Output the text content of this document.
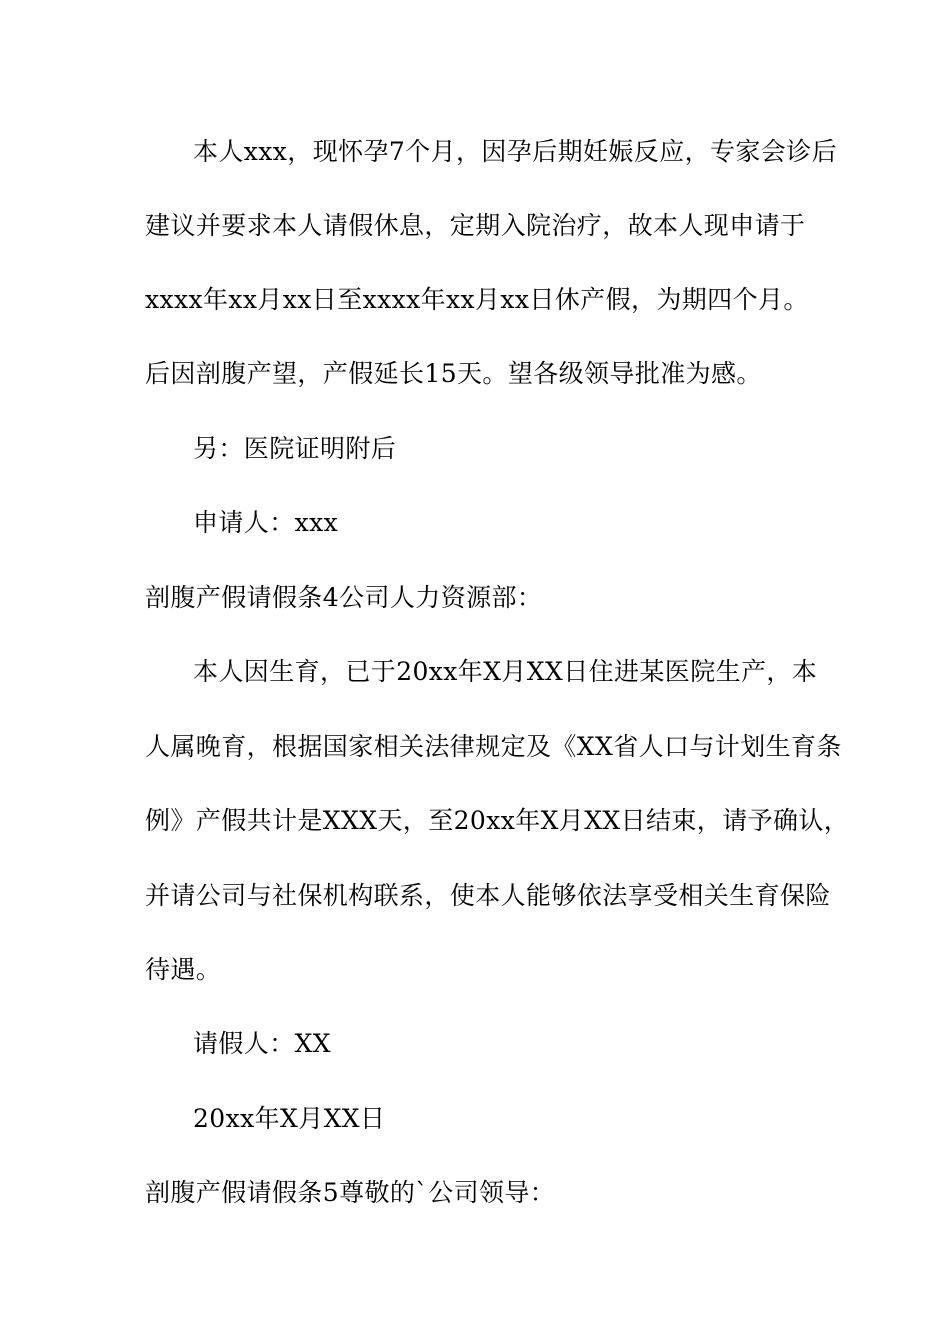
本人xxx，现怀孕7个月，因孕后期妊娠反应，专家会诊后
建议并要求本人请假休息，定期入院治疗，故本人现申请于
xxxx年xx月xx日至xxxx年xx月xx日休产假，为期四个月。
后因剖腹产望，产假延长15天。望各级领导批准为感。
另：医院证明附后
申请人：xxx
剖腹产假请假条4公司人力资源部：
本人因生育，已于20xx年X月XX日住进某医院生产，本
人属晚育，根据国家相关法律规定及《XX省人口与计划生育条
例》产假共计是XXX天，至20xx年X月XX日结束，请予确认，
并请公司与社保机构联系，使本人能够依法享受相关生育保险
待遇。
请假人：XX
20xx年X月XX日
剖腹产假请假条5尊敬的`公司领导：
